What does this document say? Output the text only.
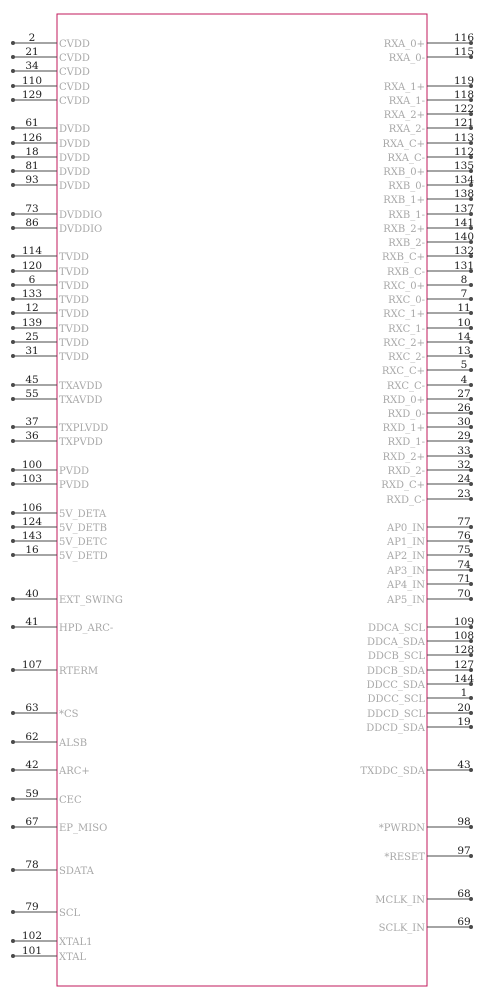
2
CVDD
21
CVDD
34
CVDD
110
CVDD
129
CVDD
61
DVDD
126
DVDD
18
DVDD
81
DVDD
93
DVDD
73
DVDDIO
86
DVDDIO
114
TVDD
120
TVDD
6
TVDD
133
TVDD
12
TVDD
139
TVDD
25
TVDD
31
TVDD
45
TXAVDD
55
TXAVDD
37
TXPLVDD
36
TXPVDD
100
PVDD
103
PVDD
106
5V_DETA
124
5V_DETB
143
5V_DETC
16
5V_DETD
40
EXT_SWING
41
HPD_ARC-
107
RTERM
63
*CS
62
ALSB
42
ARC+
59
CEC
67
EP_MISO
78
SDATA
79
SCL
102
XTAL1
101
XTAL
116
RXA_0+
115
RXA_0-
119
RXA_1+
118
RXA_1-
122
RXA_2+
121
RXA_2-
113
RXA_C+
112
RXA_C-
135
RXB_0+
134
RXB_0-
138
RXB_1+
137
RXB_1-
141
RXB_2+
140
RXB_2-
132
RXB_C+
131
RXB_C-
8
RXC_0+
7
RXC_0-
11
RXC_1+
10
RXC_1-
14
RXC_2+
13
RXC_2-
5
RXC_C+
4
RXC_C-
27
RXD_0+
26
RXD_0-
30
RXD_1+
29
RXD_1-
33
RXD_2+
32
RXD_2-
24
RXD_C+
23
RXD_C-
77
AP0_IN
76
AP1_IN
75
AP2_IN
74
AP3_IN
71
AP4_IN
70
AP5_IN
109
DDCA_SCL
108
DDCA_SDA
128
DDCB_SCL
127
DDCB_SDA
144
DDCC_SDA
1
DDCC_SCL
20
DDCD_SCL
19
DDCD_SDA
43
TXDDC_SDA
98
*PWRDN
97
*RESET
68
MCLK_IN
69
SCLK_IN
